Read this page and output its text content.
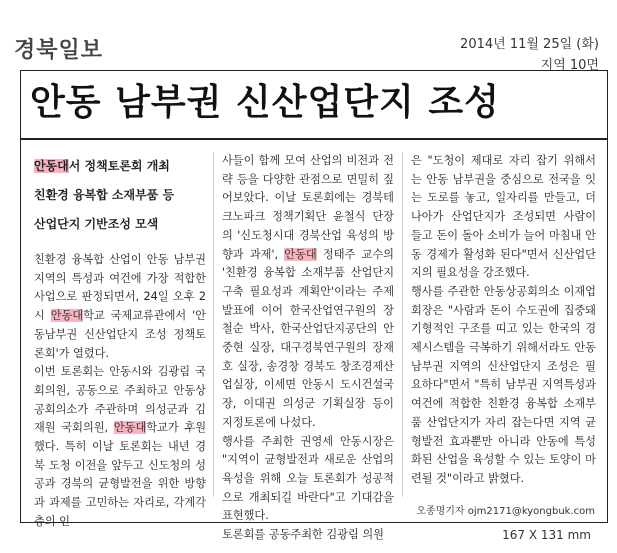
경북일보	2014년 11월 25일 (화)
지역 10면
안동 남부권 신산업단지 조성
안동대서 정책토론회 개최
친환경 융복합 소재부품 등
산업단지 기반조성 모색

친환경 융복합 산업이 안동 남부권 지역의 특성과 여건에 가장 적합한 사업으로 판정되면서, 24일 오후 2시 안동대학교 국제교류관에서 '안동남부권 신산업단지 조성 정책토론회'가 열렸다.

이번 토론회는 안동시와 김광림 국회의원, 공동으로 주최하고 안동상공회의소가 주관하며 의성군과 김재원 국회의원, 안동대학교가 후원했다. 특히 이날 토론회는 내년 경북 도청 이전을 앞두고 신도청의 성공과 경북의 균형발전을 위한 방향과 과제를 고민하는 자리로, 각계각층의 인

사들이 함께 모여 산업의 비전과 전략 등을 다양한 관점으로 면밀히 짚어보았다. 이날 토론회에는 경북테크노파크 정책기획단 윤철식 단장의 '신도청시대 경북산업 육성의 방향과 과제', 안동대 정태주 교수의 '친환경 융복합 소재부품 산업단지 구축 필요성과 계획안'이라는 주제발표에 이어 한국산업연구원의 장철순 박사, 한국산업단지공단의 안중현 실장, 대구경북연구원의 장재호 실장, 송경창 경북도 창조경제산업실장, 이세면 안동시 도시건설국장, 이대권 의성군 기획실장 등이 지정토론에 나섰다.

행사를 주최한 권영세 안동시장은 "지역이 균형발전과 새로운 산업의 육성을 위해 오늘 토론회가 성공적으로 개최되길 바란다"고 기대감을 표현했다.

토론회를 공동주최한 김광림 의원

은 "도청이 제대로 자리 잡기 위해서는 안동 남부권을 중심으로 전국을 잇는 도로를 놓고, 일자리를 만들고, 더 나아가 산업단지가 조성되면 사람이 들고 돈이 돌아 소비가 늘어 마침내 안동 경제가 활성화 된다"면서 신산업단지의 필요성을 강조했다.

행사를 주관한 안동상공회의소 이재업 회장은 "사람과 돈이 수도권에 집중돼 기형적인 구조를 띠고 있는 한국의 경제시스템을 극복하기 위해서라도 안동 남부권 지역의 신산업단지 조성은 필요하다"면서 "특히 남부권 지역특성과 여건에 적합한 친환경 융복합 소재부품 산업단지가 자리 잡는다면 지역 균형발전 효과뿐만 아니라 안동에 특성화된 산업을 육성할 수 있는 토양이 마련될 것"이라고 밝혔다.

오종명기자 ojm2171@kyongbuk.com
167 X 131 mm
